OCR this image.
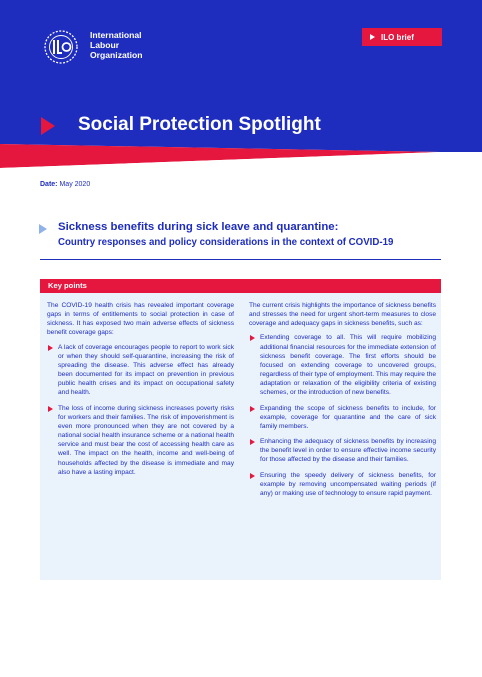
International
Labour
Organization
ILO brief
Social Protection Spotlight
Date: May 2020
Sickness benefits during sick leave and quarantine:
Country responses and policy considerations in the context of COVID-19
Key points

The COVID-19 health crisis has revealed important coverage gaps in terms of entitlements to social protection in case of sickness. It has exposed two main adverse effects of sickness benefit coverage gaps:

A lack of coverage encourages people to report to work sick or when they should self-quarantine, increasing the risk of spreading the disease. This adverse effect has already been documented for its impact on prevention in previous public health crises and its impact on occupational safety and health.

The loss of income during sickness increases poverty risks for workers and their families. The risk of impoverishment is even more pronounced when they are not covered by a national social health insurance scheme or a national health service and must bear the cost of accessing health care as well. The impact on the health, income and well-being of households affected by the disease is immediate and may also have a lasting impact.

The current crisis highlights the importance of sickness benefits and stresses the need for urgent short-term measures to close coverage and adequacy gaps in sickness benefits, such as:

Extending coverage to all. This will require mobilizing additional financial resources for the immediate extension of sickness benefit coverage. The first efforts should be focused on extending coverage to uncovered groups, regardless of their type of employment. This may require the adaptation or relaxation of the eligibility criteria of existing schemes, or the introduction of new benefits.

Expanding the scope of sickness benefits to include, for example, coverage for quarantine and the care of sick family members.

Enhancing the adequacy of sickness benefits by increasing the benefit level in order to ensure effective income security for those affected by the disease and their families.

Ensuring the speedy delivery of sickness benefits, for example by removing uncompensated waiting periods (if any) or making use of technology to ensure rapid payment.
